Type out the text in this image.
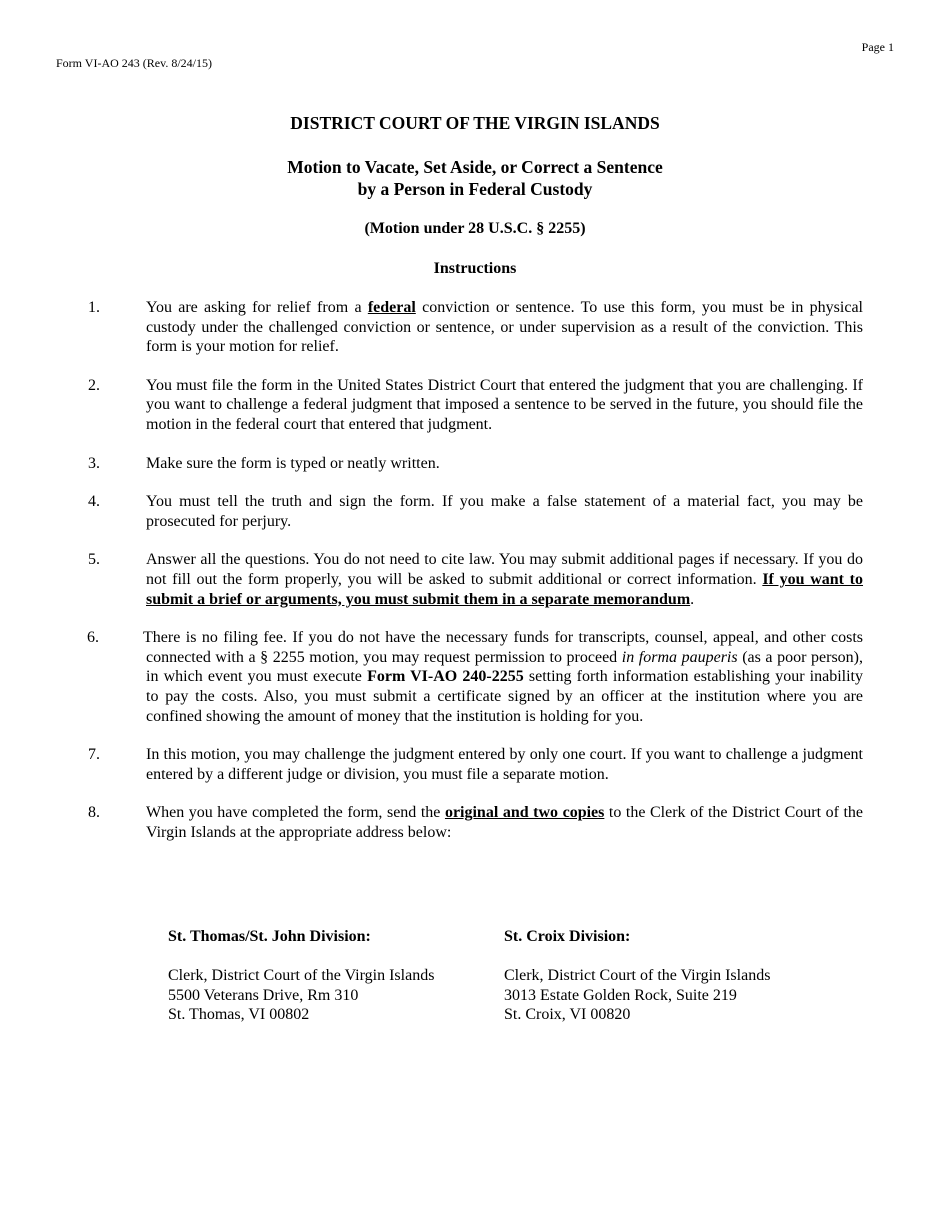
Page 1
Form VI-AO 243 (Rev. 8/24/15)
DISTRICT COURT OF THE VIRGIN ISLANDS
Motion to Vacate, Set Aside, or Correct a Sentence
by a Person in Federal Custody
(Motion under 28 U.S.C. § 2255)
Instructions
1.	You are asking for relief from a federal conviction or sentence. To use this form, you must be in physical custody under the challenged conviction or sentence, or under supervision as a result of the conviction. This form is your motion for relief.
2.	You must file the form in the United States District Court that entered the judgment that you are challenging. If you want to challenge a federal judgment that imposed a sentence to be served in the future, you should file the motion in the federal court that entered that judgment.
3.	Make sure the form is typed or neatly written.
4.	You must tell the truth and sign the form. If you make a false statement of a material fact, you may be prosecuted for perjury.
5.	Answer all the questions. You do not need to cite law. You may submit additional pages if necessary. If you do not fill out the form properly, you will be asked to submit additional or correct information. If you want to submit a brief or arguments, you must submit them in a separate memorandum.
6.	There is no filing fee. If you do not have the necessary funds for transcripts, counsel, appeal, and other costs connected with a § 2255 motion, you may request permission to proceed in forma pauperis (as a poor person), in which event you must execute Form VI-AO 240-2255 setting forth information establishing your inability to pay the costs. Also, you must submit a certificate signed by an officer at the institution where you are confined showing the amount of money that the institution is holding for you.
7.	In this motion, you may challenge the judgment entered by only one court. If you want to challenge a judgment entered by a different judge or division, you must file a separate motion.
8.	When you have completed the form, send the original and two copies to the Clerk of the District Court of the Virgin Islands at the appropriate address below:
St. Thomas/St. John Division:
Clerk, District Court of the Virgin Islands
5500 Veterans Drive, Rm 310
St. Thomas, VI 00802
St. Croix Division:
Clerk, District Court of the Virgin Islands
3013 Estate Golden Rock, Suite 219
St. Croix, VI 00820
